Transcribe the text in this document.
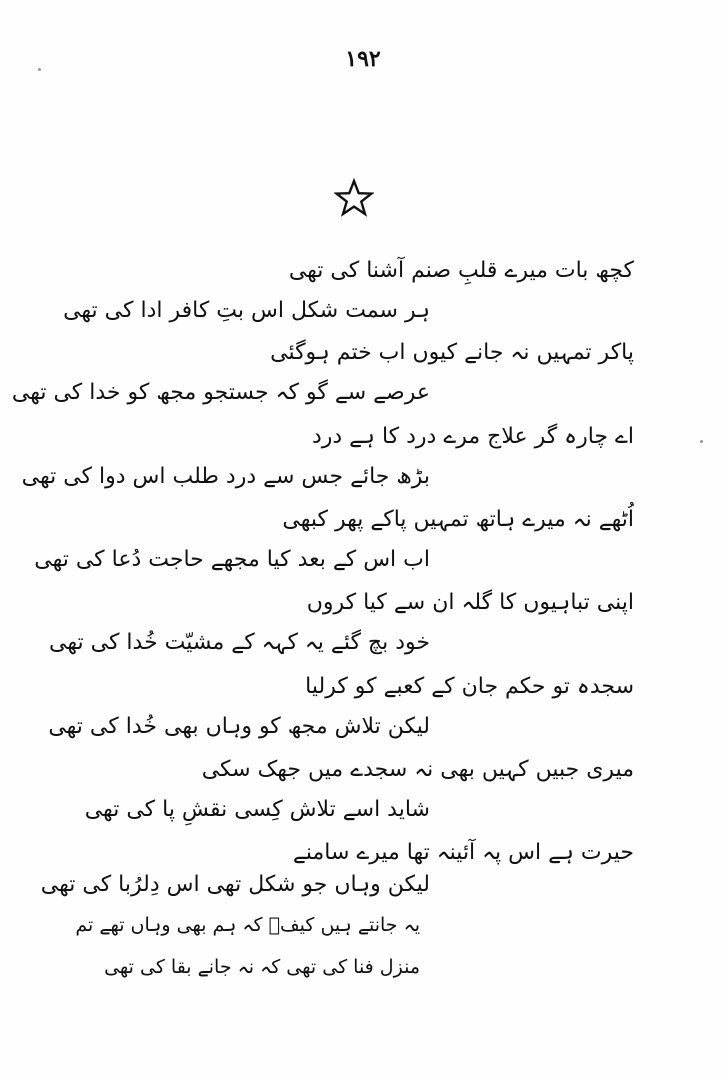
۱۹۲
کچھ بات میرے قلبِ صنم آشنا کی تھی
ہر سمت شکل اس بتِ کافر ادا کی تھی
پاکر تمہیں نہ جانے کیوں اب ختم ہوگئی
عرصے سے گو کہ جستجو مجھ کو خدا کی تھی
اے چارہ گر علاج مرے درد کا ہے درد
بڑھ جائے جس سے درد طلب اس دوا کی تھی
اُٹھے نہ میرے ہاتھ تمہیں پاکے پھر کبھی
اب اس کے بعد کیا مجھے حاجت دُعا کی تھی
اپنی تباہیوں کا گلہ ان سے کیا کروں
خود بچ گئے یہ کہہ کے مشیّت خُدا کی تھی
سجدہ تو حکم جان کے کعبے کو کرلیا
لیکن تلاش مجھ کو وہاں بھی خُدا کی تھی
میری جبیں کہیں بھی نہ سجدے میں جھک سکی
شاید اسے تلاش کِسی نقشِ پا کی تھی
حیرت ہے اس پہ آئینہ تھا میرے سامنے
لیکن وہاں جو شکل تھی اس دِلرُبا کی تھی
یہ جانتے ہیں کیفؔ کہ ہم بھی وہاں تھے تم
منزل فنا کی تھی کہ نہ جانے بقا کی تھی
